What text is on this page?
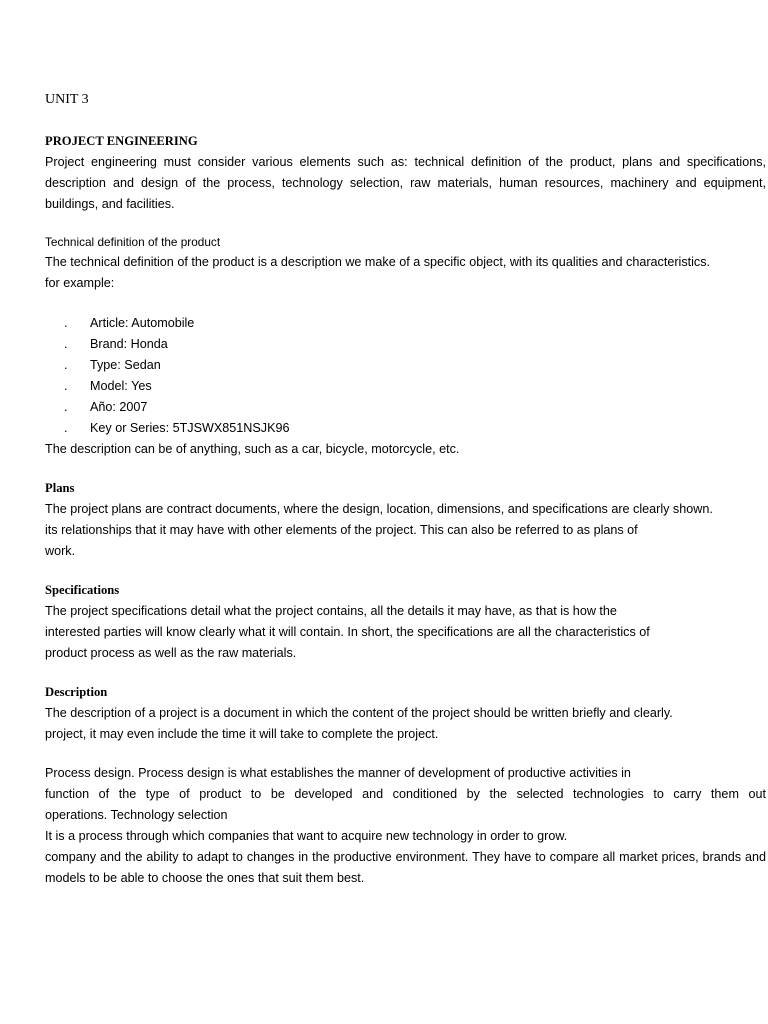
UNIT 3
PROJECT ENGINEERING

Project engineering must consider various elements such as: technical definition of the product, plans and specifications, description and design of the process, technology selection, raw materials, human resources, machinery and equipment, buildings, and facilities.

Technical definition of the product
The technical definition of the product is a description we make of a specific object, with its qualities and characteristics.
for example:
. Article: Automobile
. Brand: Honda
. Type: Sedan
. Model: Yes
. Año: 2007
. Key or Series: 5TJSWX851NSJK96
The description can be of anything, such as a car, bicycle, motorcycle, etc.
Plans
The project plans are contract documents, where the design, location, dimensions, and specifications are clearly shown.
its relationships that it may have with other elements of the project. This can also be referred to as plans of
work.
Specifications
The project specifications detail what the project contains, all the details it may have, as that is how the
interested parties will know clearly what it will contain. In short, the specifications are all the characteristics of
product process as well as the raw materials.
Description
The description of a project is a document in which the content of the project should be written briefly and clearly.
project, it may even include the time it will take to complete the project.
Process design. Process design is what establishes the manner of development of productive activities in
function of the type of product to be developed and conditioned by the selected technologies to carry them out
operations. Technology selection
It is a process through which companies that want to acquire new technology in order to grow.
company and the ability to adapt to changes in the productive environment. They have to compare all market prices, brands and
models to be able to choose the ones that suit them best.
